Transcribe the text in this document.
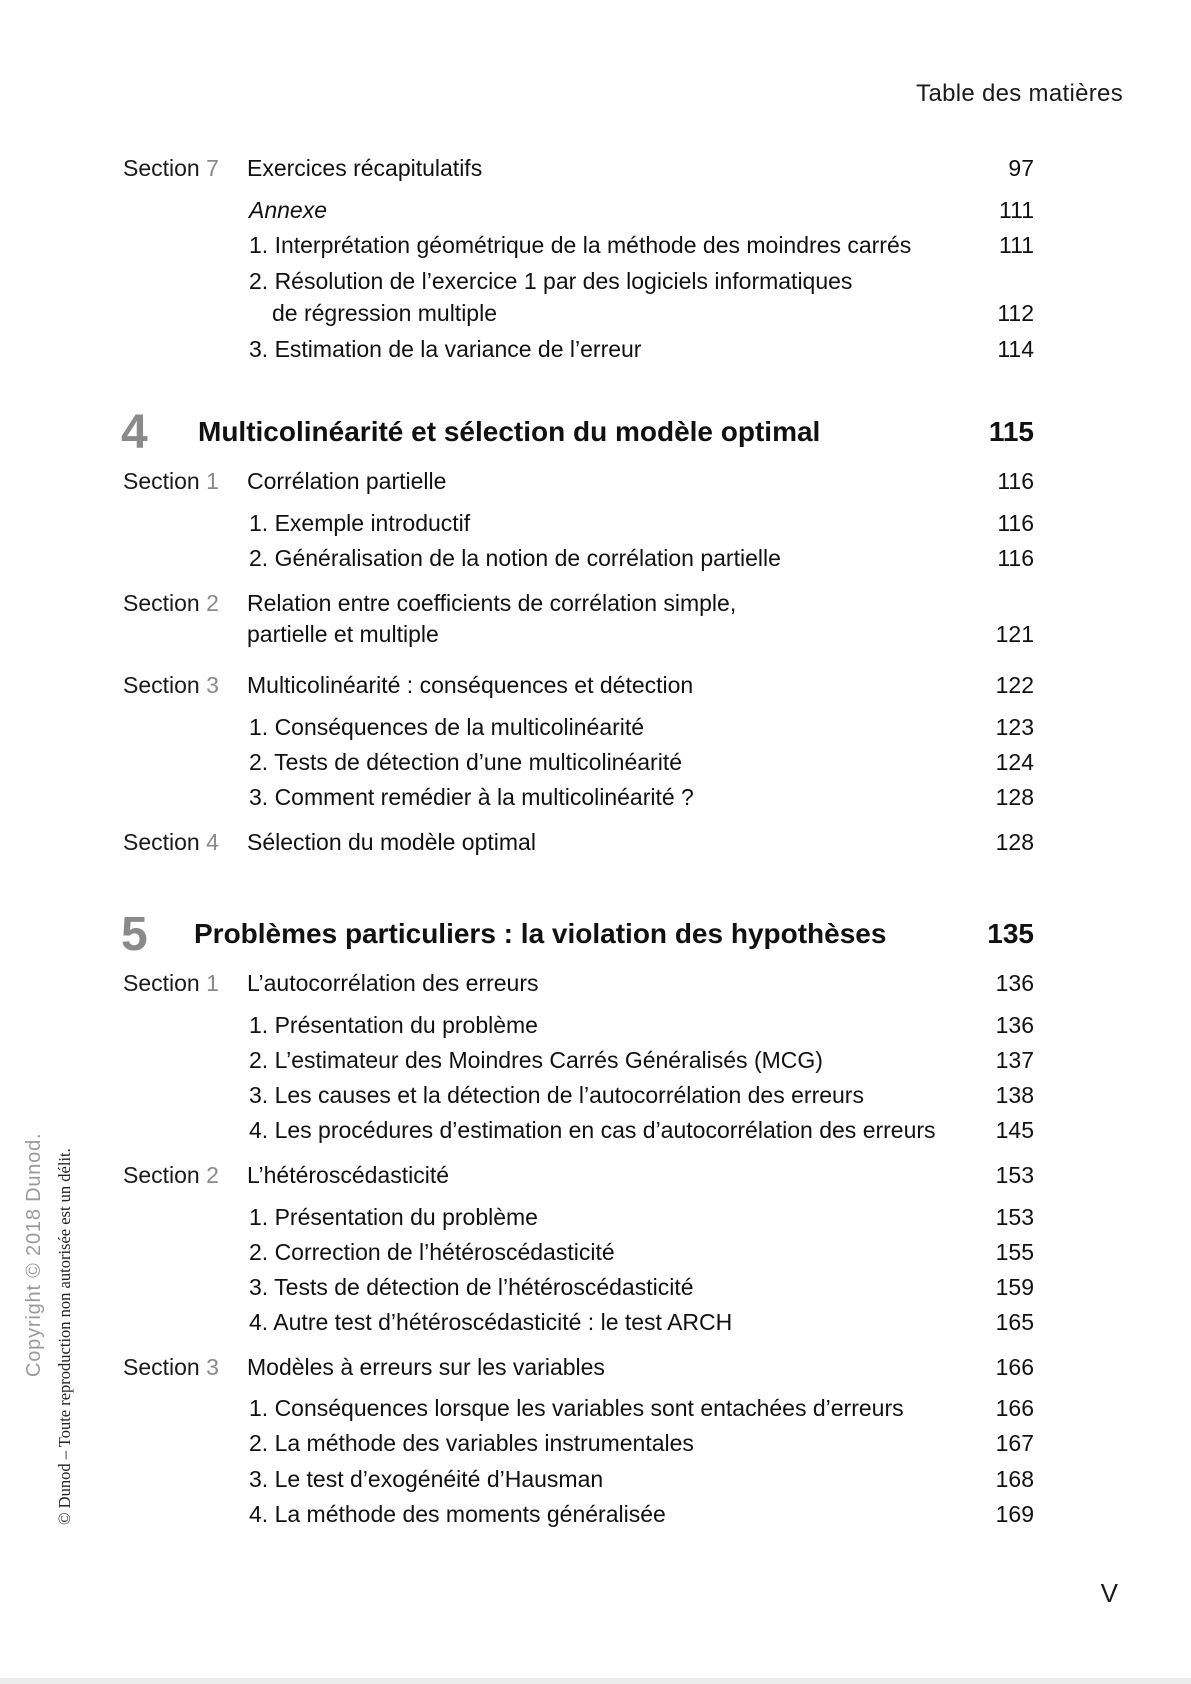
Table des matières
Section 7 Exercices récapitulatifs	97
Annexe	111
1. Interprétation géométrique de la méthode des moindres carrés	111
2. Résolution de l’exercice 1 par des logiciels informatiques
de régression multiple	112
3. Estimation de la variance de l’erreur	114
4 Multicolinéarité et sélection du modèle optimal	115
Section 1 Corrélation partielle	116
1. Exemple introductif	116
2. Généralisation de la notion de corrélation partielle	116
Section 2 Relation entre coefficients de corrélation simple,
partielle et multiple	121
Section 3 Multicolinéarité : conséquences et détection	122
1. Conséquences de la multicolinéarité	123
2. Tests de détection d’une multicolinéarité	124
3. Comment remédier à la multicolinéarité ?	128
Section 4 Sélection du modèle optimal	128
5 Problèmes particuliers : la violation des hypothèses	135
Section 1 L’autocorrélation des erreurs	136
1. Présentation du problème	136
2. L’estimateur des Moindres Carrés Généralisés (MCG)	137
3. Les causes et la détection de l’autocorrélation des erreurs	138
4. Les procédures d’estimation en cas d’autocorrélation des erreurs	145
Section 2 L’hétéroscédasticité	153
1. Présentation du problème	153
2. Correction de l’hétéroscédasticité	155
3. Tests de détection de l’hétéroscédasticité	159
4. Autre test d’hétéroscédasticité : le test ARCH	165
Section 3 Modèles à erreurs sur les variables	166
1. Conséquences lorsque les variables sont entachées d’erreurs	166
2. La méthode des variables instrumentales	167
3. Le test d’exogénéité d’Hausman	168
4. La méthode des moments généralisée	169
Copyright © 2018 Dunod. © Dunod – Toute reproduction non autorisée est un délit.
V
